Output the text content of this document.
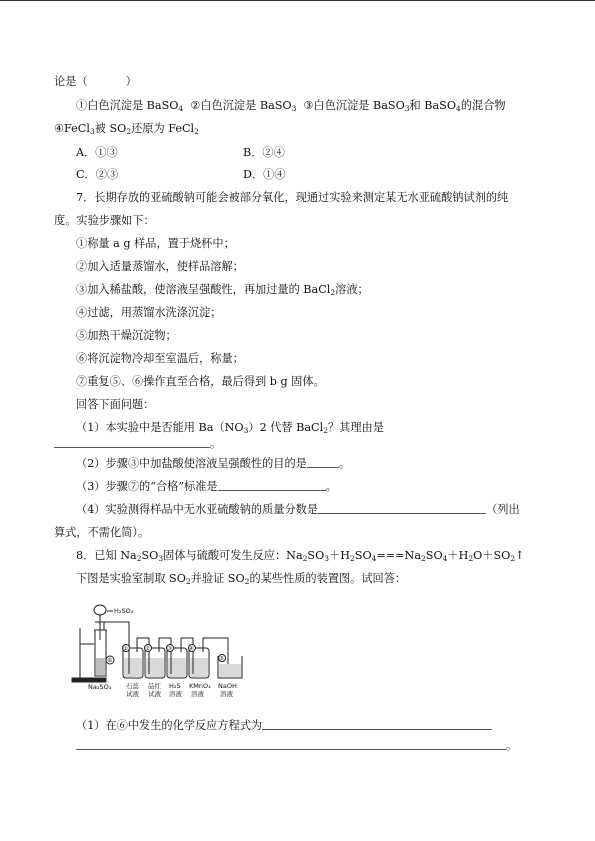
论是（	）
①白色沉淀是 BaSO$_4$ ②白色沉淀是 BaSO$_3$ ③白色沉淀是 BaSO$_3$和 BaSO$_4$的混合物
④FeCl$_3$被 $SO_2$还原为 FeCl$_2$
A．①③	B．②④
C．②③	D．①④
7．长期存放的亚硫酸钠可能会被部分氧化，现通过实验来测定某无水亚硫酸钠试剂的纯
度。实验步骤如下：
①称量 a g 样品，置于烧杯中；
②加入适量蒸馏水，使样品溶解；
③加入稀盐酸，使溶液呈强酸性，再加过量的 BaCl$_2$溶液；
④过滤，用蒸馏水洗涤沉淀；
⑤加热干燥沉淀物；
⑥将沉淀物冷却至室温后，称量；
⑦重复⑤、⑥操作直至合格，最后得到 b g 固体。
回答下面问题：
（1）本实验中是否能用 $Ba(NO_3)2$ 代替 BaCl$_2$？其理由是
。
（2）步骤③中加盐酸使溶液呈强酸性的目的是	。
（3）步骤⑦的“合格”标准是	。
（4）实验测得样品中无水亚硫酸钠的质量分数是	（列出
算式，不需化简）。
8．已知 $Na_2SO_3$固体与硫酸可发生反应：$Na_2SO_3+H_2SO_4===Na_2SO_4+H_2O+SO_2↑$
下图是实验室制取 $SO_2$并验证 $SO_2$的某些性质的装置图。试回答：
H₂SO₄
⑥
Na₂SO₃
①	②	③	④
⑤
石蕊
试液
品红
试液
H₂S
溶液
KMnO₄
溶液
NaOH
溶液
（1）在⑥中发生的化学反应方程式为
。
